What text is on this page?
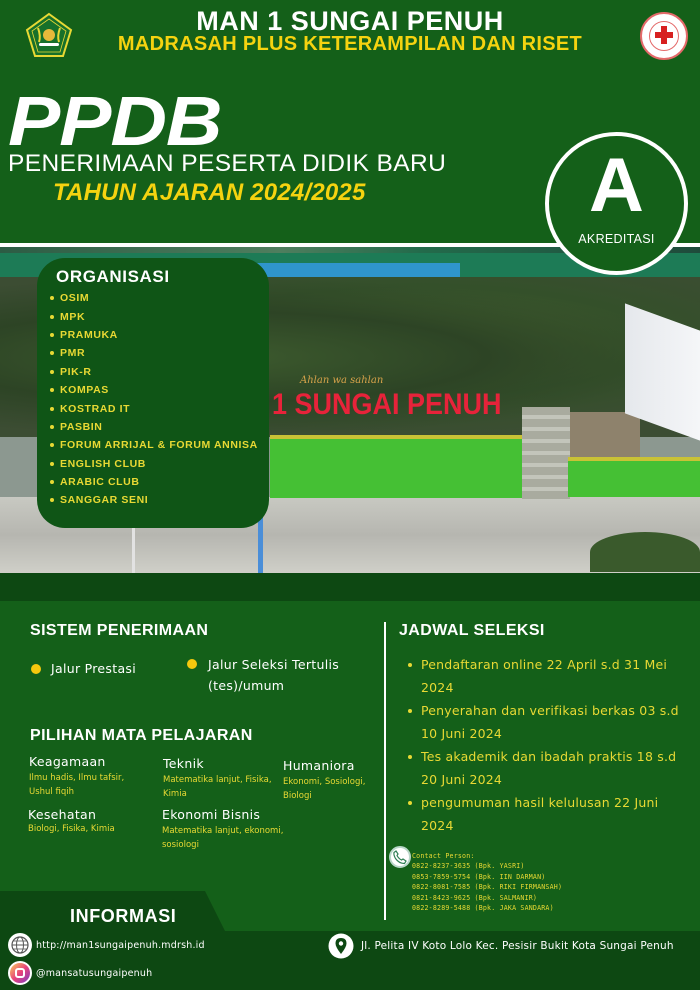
MAN 1 SUNGAI PENUH
MADRASAH PLUS KETERAMPILAN DAN RISET
PPDB
PENERIMAAN PESERTA DIDIK BARU
TAHUN AJARAN 2024/2025	A
AKREDITASI
Ahlan wa sahlan
1 SUNGAI PENUH
ORGANISASI
OSIM
MPK
PRAMUKA
PMR
PIK-R
KOMPAS
KOSTRAD IT
PASBIN
FORUM ARRIJAL & FORUM ANNISA
ENGLISH CLUB
ARABIC CLUB
SANGGAR SENI
SISTEM PENERIMAAN
Jalur Prestasi	Jalur Seleksi Tertulis (tes)/umum
PILIHAN MATA PELAJARAN
Keagamaan
Ilmu hadis, Ilmu tafsir, Ushul fiqih
Teknik
Matematika lanjut, Fisika, Kimia
Humaniora
Ekonomi, Sosiologi, Biologi
Kesehatan
Biologi, Fisika, Kimia
Ekonomi Bisnis
Matematika lanjut, ekonomi, sosiologi
JADWAL SELEKSI
Pendaftaran online 22 April s.d 31 Mei 2024
Penyerahan dan verifikasi berkas 03 s.d 10 Juni 2024
Tes akademik dan ibadah praktis 18 s.d 20 Juni 2024
pengumuman hasil kelulusan 22 Juni 2024
Contact Person:
0822-8237-3635 (Bpk. YASRI)
0853-7859-5754 (Bpk. IIN DARMAN)
0822-8081-7585 (Bpk. RIKI FIRMANSAH)
0821-8423-9625 (Bpk. SALMANIR)
0822-8289-5488 (Bpk. JAKA SANDARA)
INFORMASI
http://man1sungaipenuh.mdrsh.id
@mansatusungaipenuh
Jl. Pelita IV Koto Lolo Kec. Pesisir Bukit Kota Sungai Penuh
